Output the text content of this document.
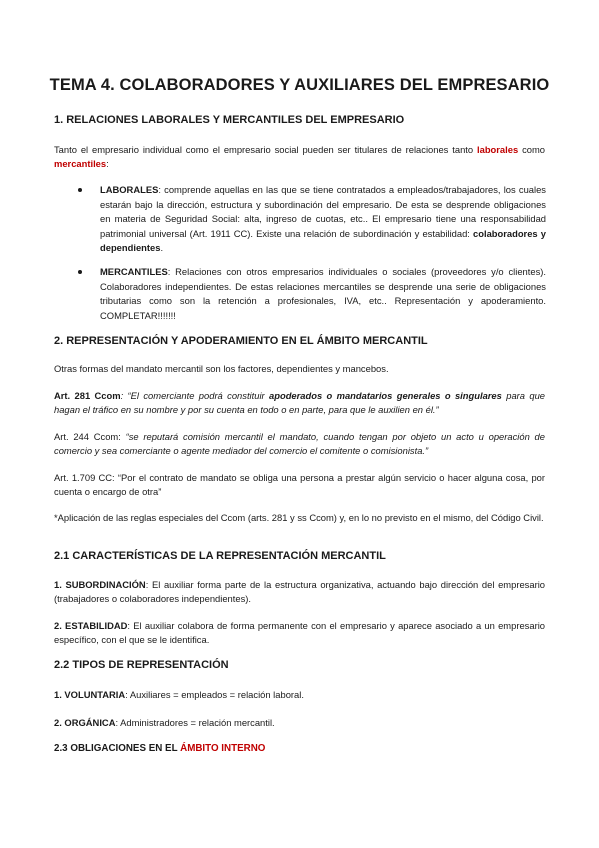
TEMA 4. COLABORADORES Y AUXILIARES DEL EMPRESARIO
1. RELACIONES LABORALES Y MERCANTILES DEL EMPRESARIO

Tanto el empresario individual como el empresario social pueden ser titulares de relaciones tanto laborales como mercantiles:

LABORALES: comprende aquellas en las que se tiene contratados a empleados/trabajadores, los cuales estarán bajo la dirección, estructura y subordinación del empresario. De esta se desprende obligaciones en materia de Seguridad Social: alta, ingreso de cuotas, etc.. El empresario tiene una responsabilidad patrimonial universal (Art. 1911 CC). Existe una relación de subordinación y estabilidad: colaboradores y dependientes.

MERCANTILES: Relaciones con otros empresarios individuales o sociales (proveedores y/o clientes). Colaboradores independientes. De estas relaciones mercantiles se desprende una serie de obligaciones tributarias como son la retención a profesionales, IVA, etc.. Representación y apoderamiento. COMPLETAR!!!!!!!

2. REPRESENTACIÓN Y APODERAMIENTO EN EL ÁMBITO MERCANTIL

Otras formas del mandato mercantil son los factores, dependientes y mancebos.

Art. 281 Ccom: “El comerciante podrá constituir apoderados o mandatarios generales o singulares para que hagan el tráfico en su nombre y por su cuenta en todo o en parte, para que le auxilien en él.”

Art. 244 Ccom: “se reputará comisión mercantil el mandato, cuando tengan por objeto un acto u operación de comercio y sea comerciante o agente mediador del comercio el comitente o comisionista.”

Art. 1.709 CC: “Por el contrato de mandato se obliga una persona a prestar algún servicio o hacer alguna cosa, por cuenta o encargo de otra”

*Aplicación de las reglas especiales del Ccom (arts. 281 y ss Ccom) y, en lo no previsto en el mismo, del Código Civil.

2.1 CARACTERÍSTICAS DE LA REPRESENTACIÓN MERCANTIL

1. SUBORDINACIÓN: El auxiliar forma parte de la estructura organizativa, actuando bajo dirección del empresario (trabajadores o colaboradores independientes).

2. ESTABILIDAD: El auxiliar colabora de forma permanente con el empresario y aparece asociado a un empresario específico, con el que se le identifica.

2.2 TIPOS DE REPRESENTACIÓN

1. VOLUNTARIA: Auxiliares = empleados = relación laboral.

2. ORGÁNICA: Administradores = relación mercantil.

2.3 OBLIGACIONES EN EL ÁMBITO INTERNO
